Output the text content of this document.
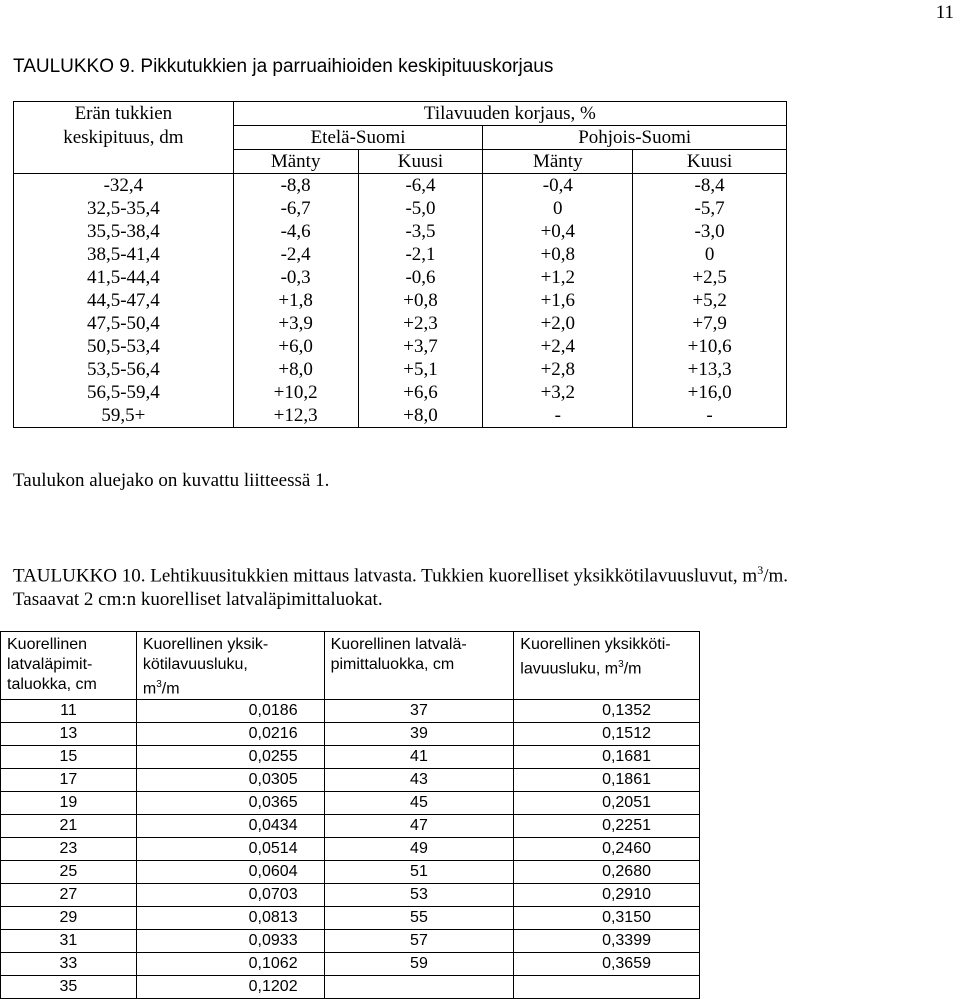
11
TAULUKKO 9. Pikkutukkien ja parruaihioiden keskipituuskorjaus
Erän tukkien	Tilavuuden korjaus, %			
keskipituus, dm	Etelä-Suomi		Pohjois-Suomi	
	Mänty	Kuusi	Mänty	Kuusi
-32,4	-8,8	-6,4	-0,4	-8,4
32,5-35,4	-6,7	-5,0	0	-5,7
35,5-38,4	-4,6	-3,5	+0,4	-3,0
38,5-41,4	-2,4	-2,1	+0,8	0
41,5-44,4	-0,3	-0,6	+1,2	+2,5
44,5-47,4	+1,8	+0,8	+1,6	+5,2
47,5-50,4	+3,9	+2,3	+2,0	+7,9
50,5-53,4	+6,0	+3,7	+2,4	+10,6
53,5-56,4	+8,0	+5,1	+2,8	+13,3
56,5-59,4	+10,2	+6,6	+3,2	+16,0
59,5+	+12,3	+8,0	-	-
Taulukon aluejako on kuvattu liitteessä 1.
TAULUKKO 10. Lehtikuusitukkien mittaus latvasta. Tukkien kuorelliset yksikkötilavuusluvut, $m^3/m$.
Tasaavat 2 cm:n kuorelliset latvaläpimittaluokat.
Kuorellinen
latvaläpimit-
taluokka, cm	Kuorellinen yksik-
kötilavuusluku,
$m^3/m$	Kuorellinen latvalä-
pimittaluokka, cm	Kuorellinen yksikköti-
lavuusluku, $m^3/m$
11	0,0186	37	0,1352
13	0,0216	39	0,1512
15	0,0255	41	0,1681
17	0,0305	43	0,1861
19	0,0365	45	0,2051
21	0,0434	47	0,2251
23	0,0514	49	0,2460
25	0,0604	51	0,2680
27	0,0703	53	0,2910
29	0,0813	55	0,3150
31	0,0933	57	0,3399
33	0,1062	59	0,3659
35	0,1202		
